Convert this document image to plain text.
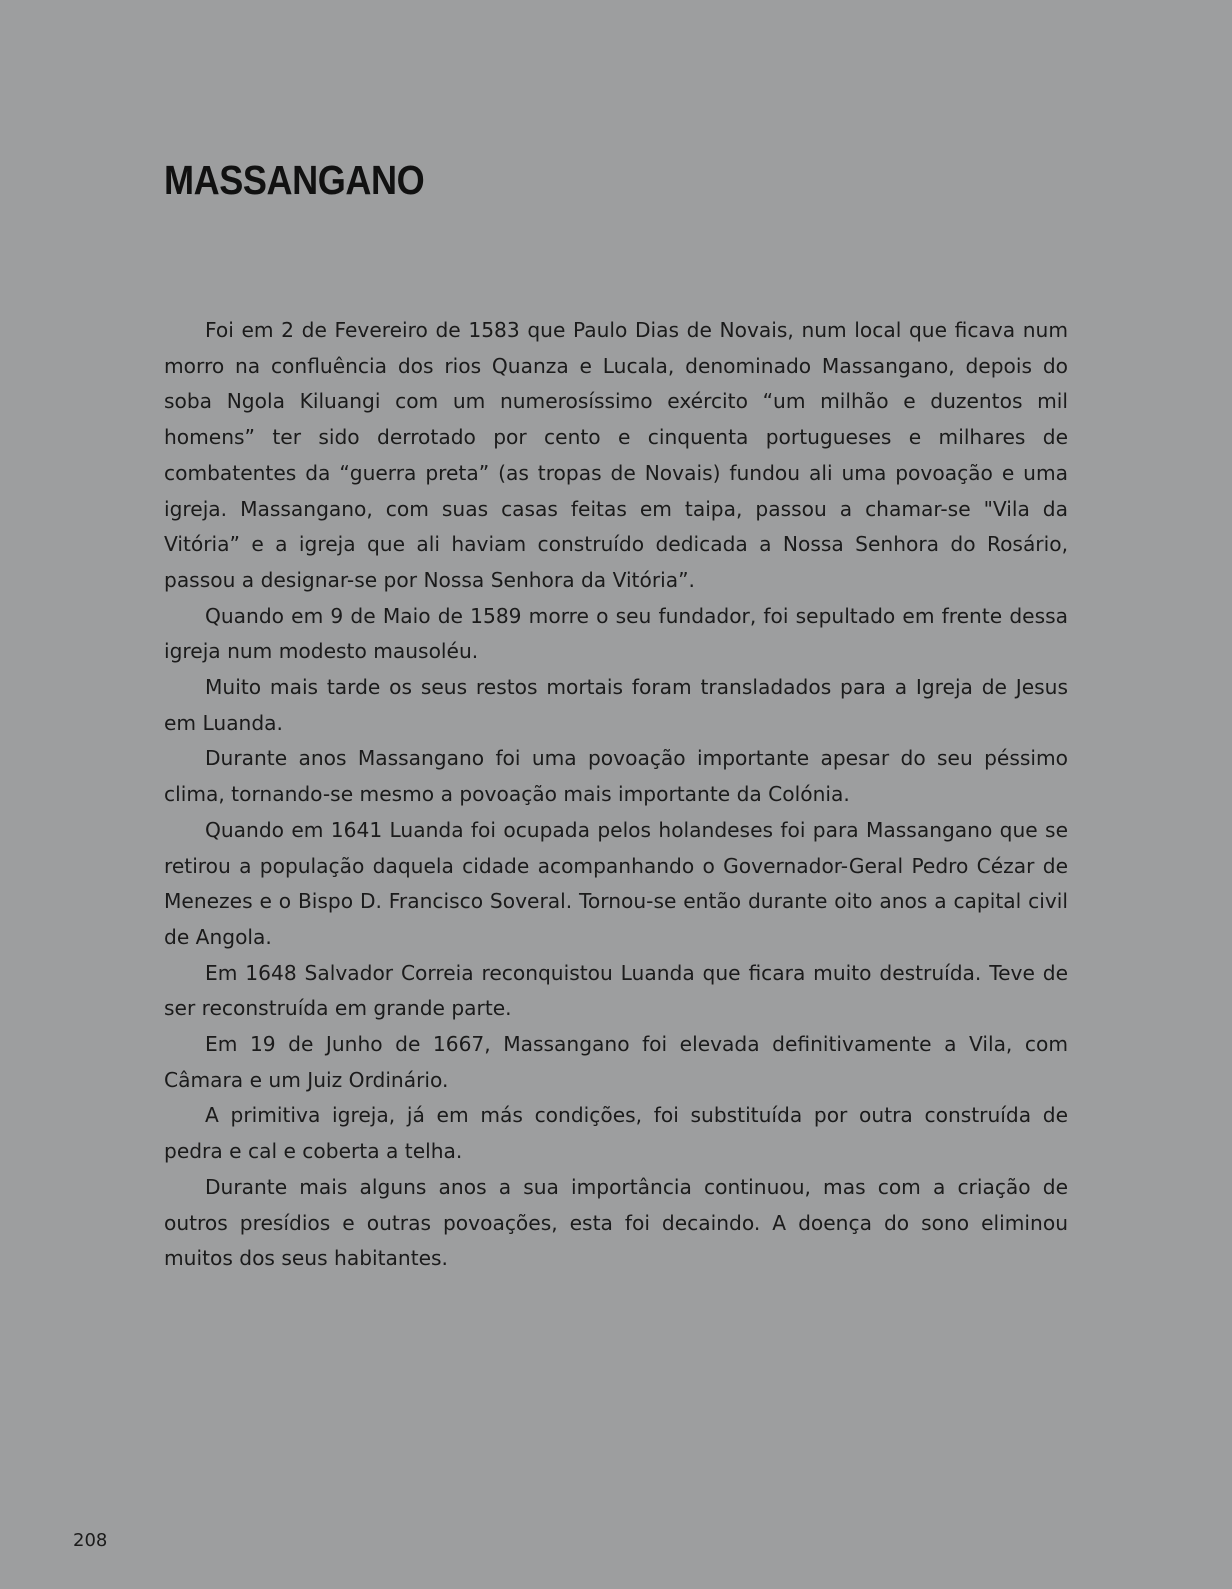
MASSANGANO

Foi em 2 de Fevereiro de 1583 que Paulo Dias de Novais, num local que ficava num morro na confluência dos rios Quanza e Lucala, denominado Massangano, depois do soba Ngola Kiluangi com um numerosíssimo exército “um milhão e duzentos mil homens” ter sido derrotado por cento e cinquenta portugueses e milhares de combatentes da “guerra preta” (as tropas de Novais) fundou ali uma povoação e uma igreja. Massangano, com suas casas feitas em taipa, passou a chamar-se "Vila da Vitória” e a igreja que ali haviam construído dedicada a Nossa Senhora do Rosário, passou a designar-se por Nossa Senhora da Vitória”.

Quando em 9 de Maio de 1589 morre o seu fundador, foi sepultado em frente dessa igreja num modesto mausoléu.

Muito mais tarde os seus restos mortais foram transladados para a Igreja de Jesus em Luanda.

Durante anos Massangano foi uma povoação importante apesar do seu péssimo clima, tornando-se mesmo a povoação mais importante da Colónia.

Quando em 1641 Luanda foi ocupada pelos holandeses foi para Massangano que se retirou a população daquela cidade acompanhando o Governador-Geral Pedro Cézar de Menezes e o Bispo D. Francisco Soveral. Tornou-se então durante oito anos a capital civil de Angola.

Em 1648 Salvador Correia reconquistou Luanda que ficara muito destruída. Teve de ser reconstruída em grande parte.

Em 19 de Junho de 1667, Massangano foi elevada definitivamente a Vila, com Câmara e um Juiz Ordinário.

A primitiva igreja, já em más condições, foi substituída por outra construída de pedra e cal e coberta a telha.

Durante mais alguns anos a sua importância continuou, mas com a criação de outros presídios e outras povoações, esta foi decaindo. A doença do sono eliminou muitos dos seus habitantes.

208
